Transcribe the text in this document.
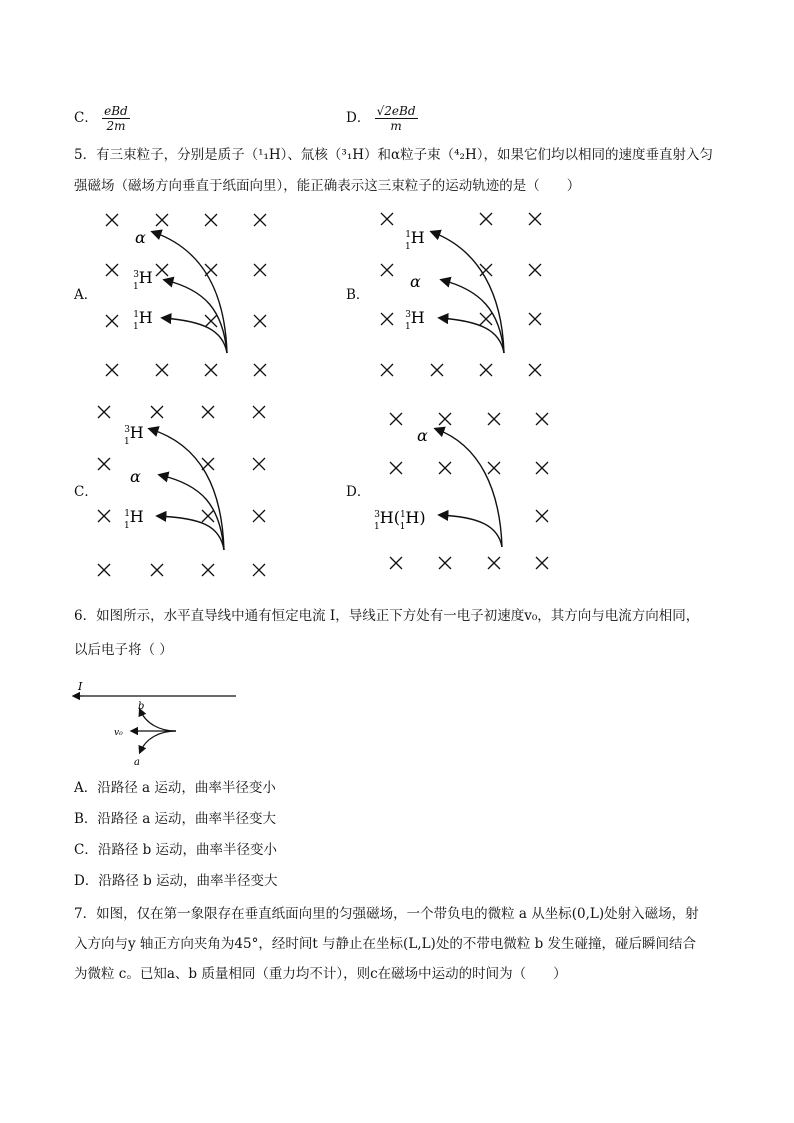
C． $\frac{\text{eBd}}{2m}$	D． $\frac{\text{√2eBd}}{m}$
5．有三束粒子，分别是质子（¹₁H）、氚核（³₁H）和α粒子束（⁴₂H），如果它们均以相同的速度垂直射入匀
强磁场（磁场方向垂直于纸面向里），能正确表示这三束粒子的运动轨迹的是（　　）
A．	B．
C．	D．
α
$^3$ 1H
$^1$ 1H
$^1$ 1H
α
$^3$ 1H
$^3$ 1H
α
$^1$ 1H
α
$^3$ 1H($^1$ 1H)
6．如图所示，水平直导线中通有恒定电流 I，导线正下方处有一电子初速度v₀，其方向与电流方向相同，
以后电子将（ ）
I
b
v₀
a
A．沿路径 a 运动，曲率半径变小
B．沿路径 a 运动，曲率半径变大
C．沿路径 b 运动，曲率半径变小
D．沿路径 b 运动，曲率半径变大
7．如图，仅在第一象限存在垂直纸面向里的匀强磁场，一个带负电的微粒 a 从坐标(0,L)处射入磁场，射
入方向与y 轴正方向夹角为45°，经时间t 与静止在坐标(L,L)处的不带电微粒 b 发生碰撞，碰后瞬间结合
为微粒 c。已知a、b 质量相同（重力均不计），则c在磁场中运动的时间为（　　）
